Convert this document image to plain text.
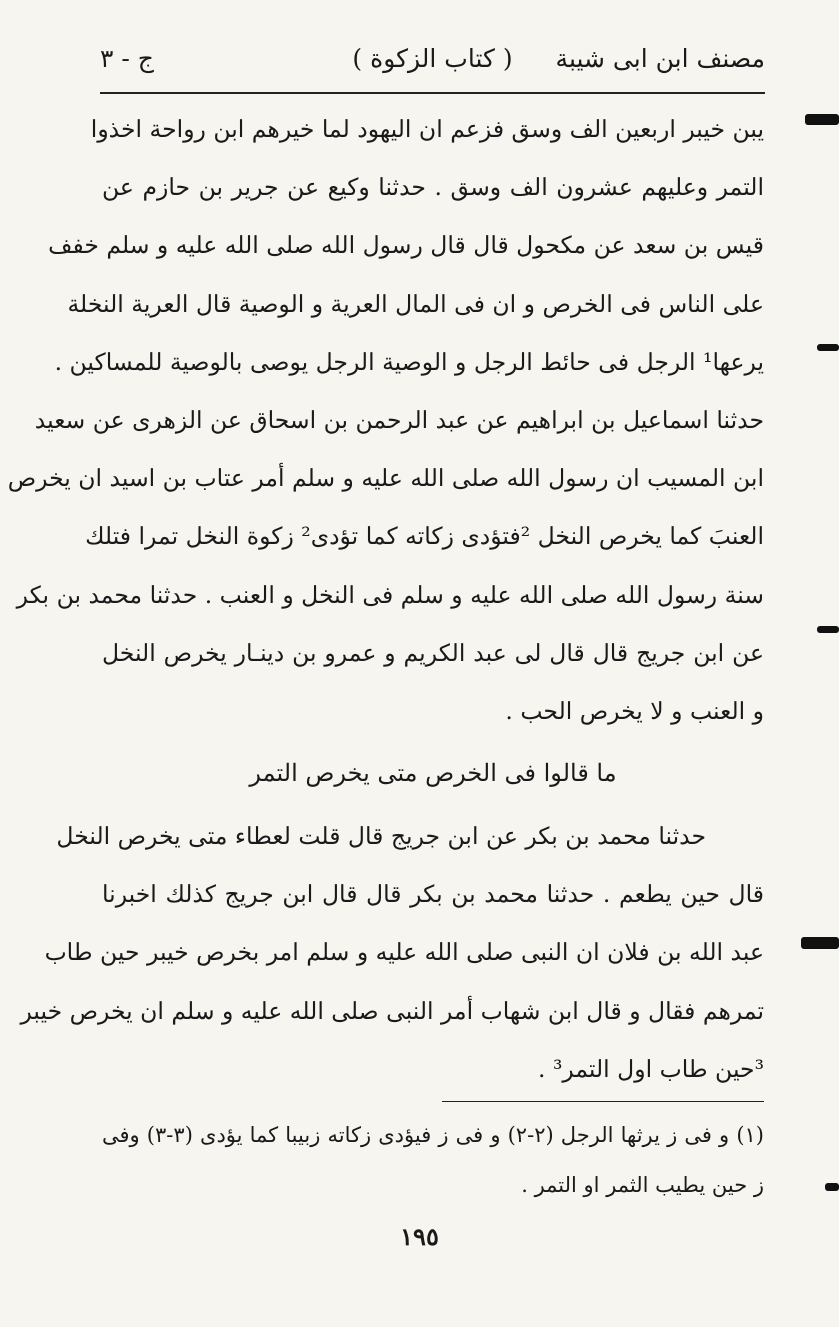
مصنف ابن ابى شيبة
( كتاب الزكوة )
ج - ٣
يبن خيبر اربعين الف وسق فزعم ان اليهود لما خيرهم ابن رواحة اخذوا
التمر وعليهم عشرون الف وسق . حدثنا وكيع عن جرير بن حازم عن
قيس بن سعد عن مكحول قال قال رسول الله صلى الله عليه و سلم خفف
على الناس فى الخرص و ان فى المال العرية و الوصية قال العرية النخلة
يرعها¹ الرجل فى حائط الرجل و الوصية الرجل يوصى بالوصية للمساكين .
حدثنا اسماعيل بن ابراهيم عن عبد الرحمن بن اسحاق عن الزهرى عن سعيد
ابن المسيب ان رسول الله صلى الله عليه و سلم أمر عتاب بن اسيد ان يخرص
العنبَ كما يخرص النخل ²فتؤدى زكاته كما تؤدى² زكوة النخل تمرا فتلك
سنة رسول الله صلى الله عليه و سلم فى النخل و العنب . حدثنا محمد بن بكر
عن ابن جريج قال قال لى عبد الكريم و عمرو بن دينـار يخرص النخل
و العنب و لا يخرص الحب .
ما قالوا فى الخرص متى يخرص التمر
حدثنا محمد بن بكر عن ابن جريج قال قلت لعطاء متى يخرص النخل
قال حين يطعم . حدثنا محمد بن بكر قال قال ابن جريج كذلك اخبرنا
عبد الله بن فلان ان النبى صلى الله عليه و سلم امر بخرص خيبر حين طاب
تمرهم فقال و قال ابن شهاب أمر النبى صلى الله عليه و سلم ان يخرص خيبر
³حين طاب اول التمر³ .
(١) و فى ز يرثها الرجل (٢-٢) و فى ز فيؤدى زكاته زبيبا كما يؤدى (٣-٣) وفى
ز حين يطيب الثمر او التمر .
١٩٥
